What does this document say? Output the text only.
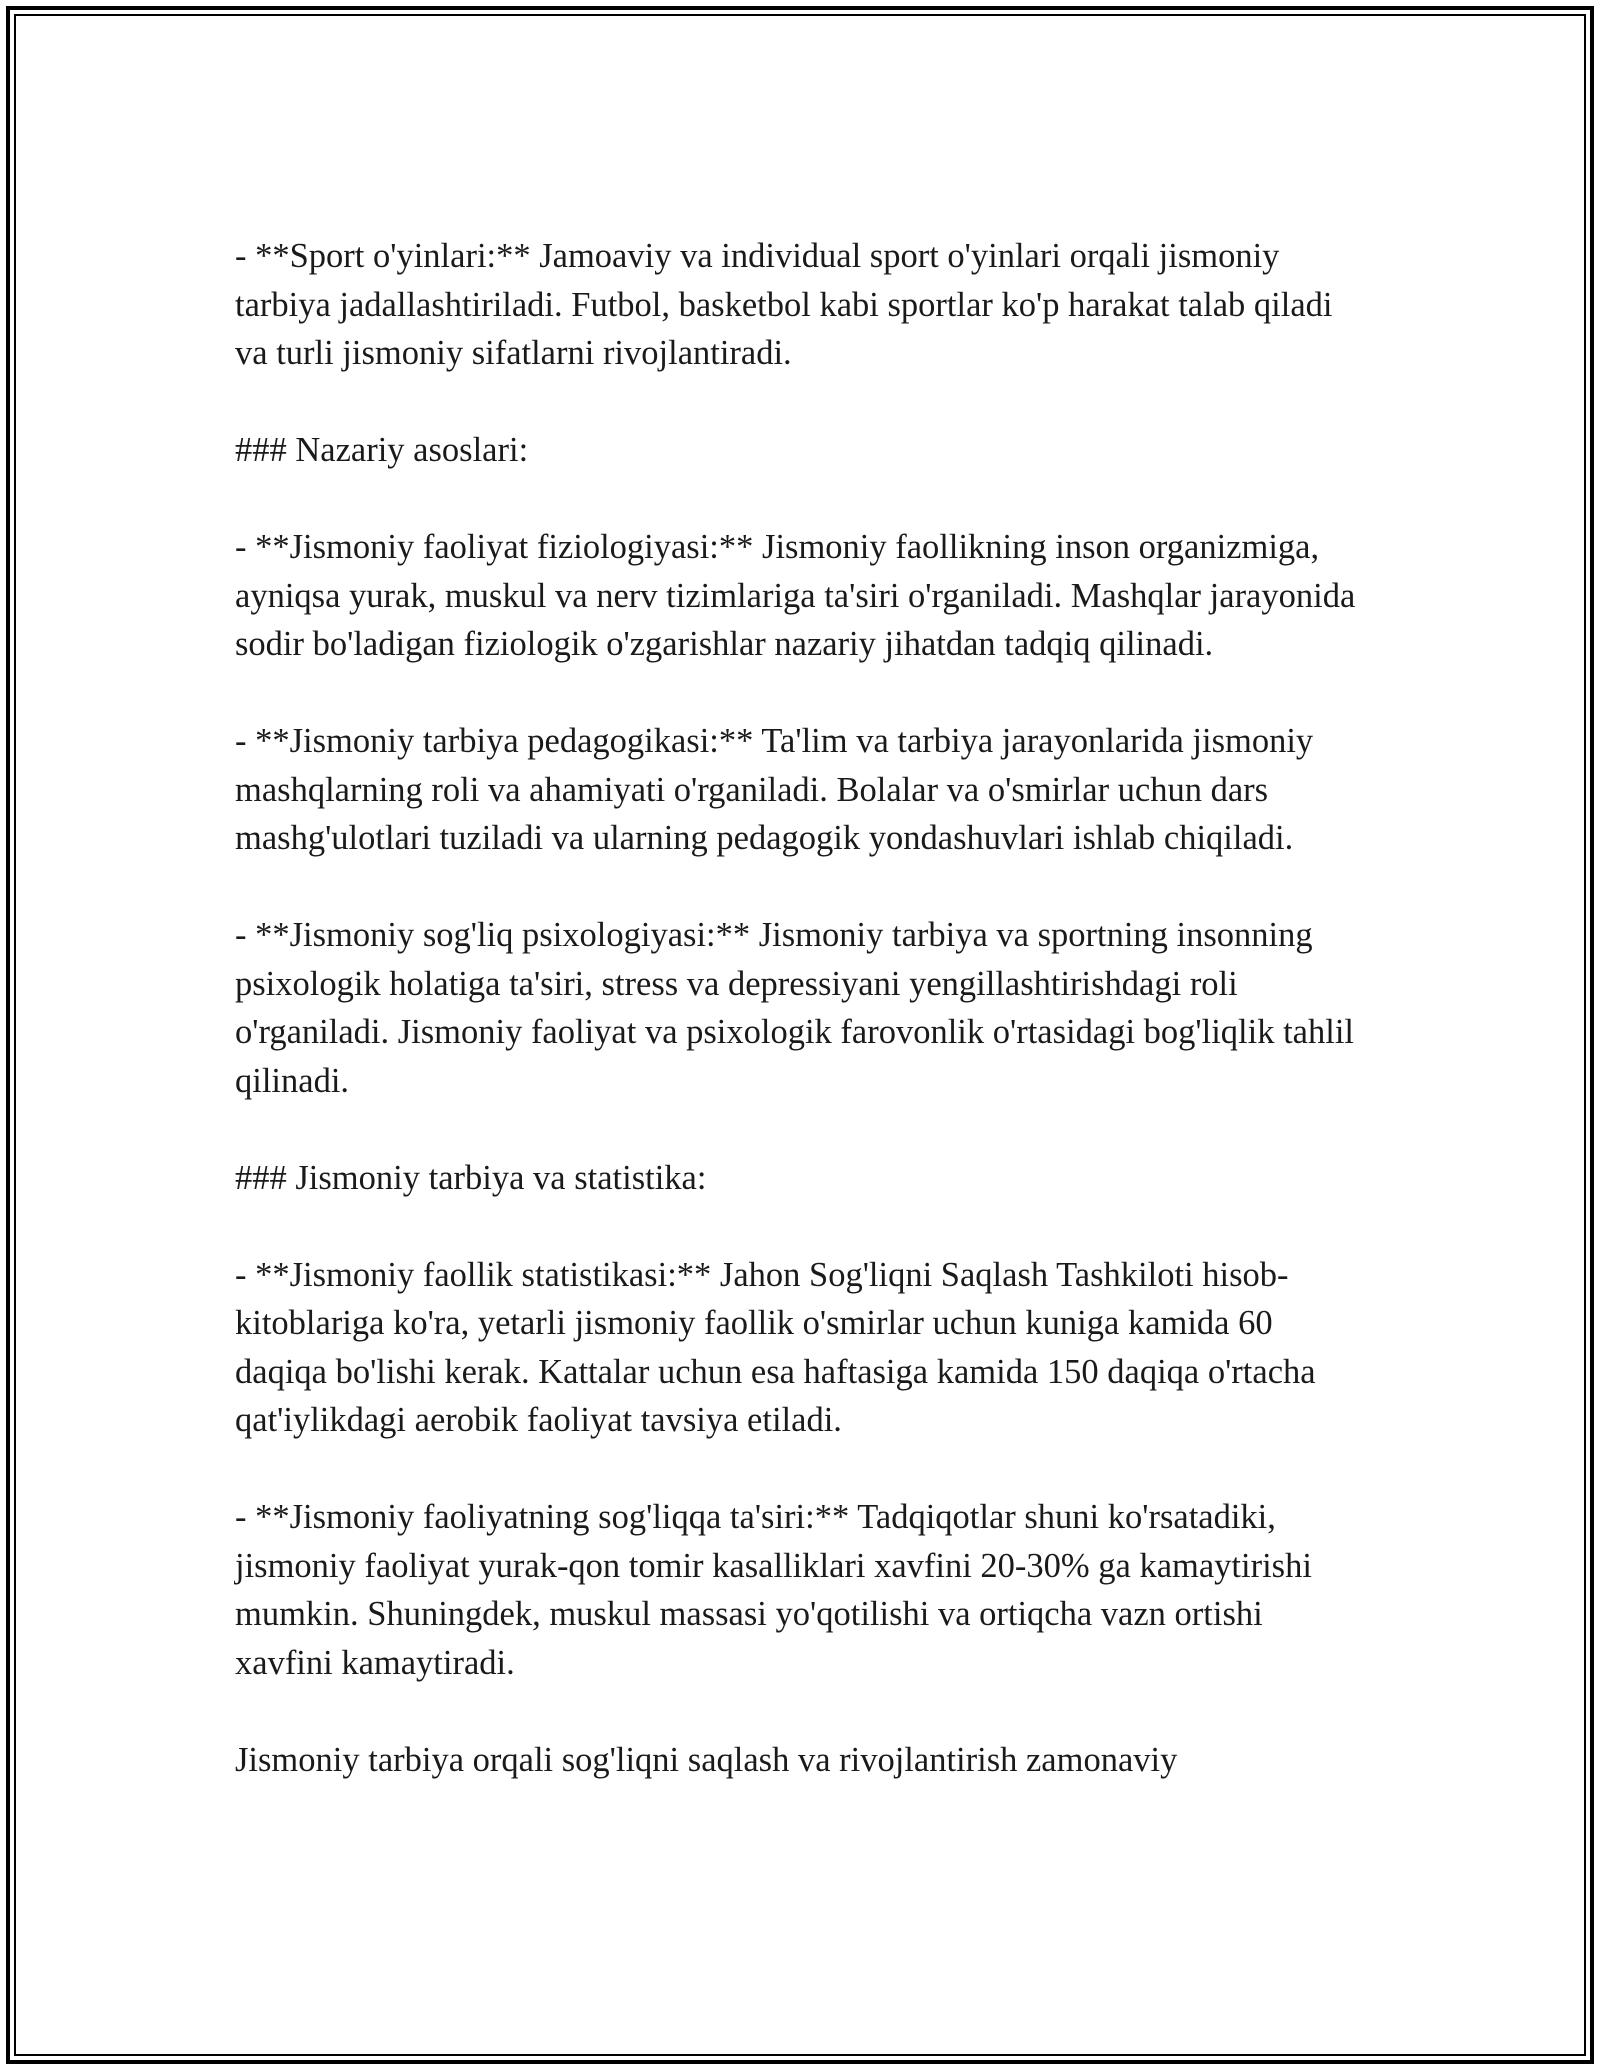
- **Sport o'yinlari:** Jamoaviy va individual sport o'yinlari orqali jismoniy tarbiya jadallashtiriladi. Futbol, basketbol kabi sportlar ko'p harakat talab qiladi va turli jismoniy sifatlarni rivojlantiradi.

### Nazariy asoslari:

- **Jismoniy faoliyat fiziologiyasi:** Jismoniy faollikning inson organizmiga, ayniqsa yurak, muskul va nerv tizimlariga ta'siri o'rganiladi. Mashqlar jarayonida sodir bo'ladigan fiziologik o'zgarishlar nazariy jihatdan tadqiq qilinadi.

- **Jismoniy tarbiya pedagogikasi:** Ta'lim va tarbiya jarayonlarida jismoniy mashqlarning roli va ahamiyati o'rganiladi. Bolalar va o'smirlar uchun dars mashg'ulotlari tuziladi va ularning pedagogik yondashuvlari ishlab chiqiladi.

- **Jismoniy sog'liq psixologiyasi:** Jismoniy tarbiya va sportning insonning psixologik holatiga ta'siri, stress va depressiyani yengillashtirishdagi roli o'rganiladi. Jismoniy faoliyat va psixologik farovonlik o'rtasidagi bog'liqlik tahlil qilinadi.

### Jismoniy tarbiya va statistika:

- **Jismoniy faollik statistikasi:** Jahon Sog'liqni Saqlash Tashkiloti hisob-kitoblariga ko'ra, yetarli jismoniy faollik o'smirlar uchun kuniga kamida 60 daqiqa bo'lishi kerak. Kattalar uchun esa haftasiga kamida 150 daqiqa o'rtacha qat'iylikdagi aerobik faoliyat tavsiya etiladi.

- **Jismoniy faoliyatning sog'liqqa ta'siri:** Tadqiqotlar shuni ko'rsatadiki, jismoniy faoliyat yurak-qon tomir kasalliklari xavfini 20-30% ga kamaytirishi mumkin. Shuningdek, muskul massasi yo'qotilishi va ortiqcha vazn ortishi xavfini kamaytiradi.

Jismoniy tarbiya orqali sog'liqni saqlash va rivojlantirish zamonaviy
